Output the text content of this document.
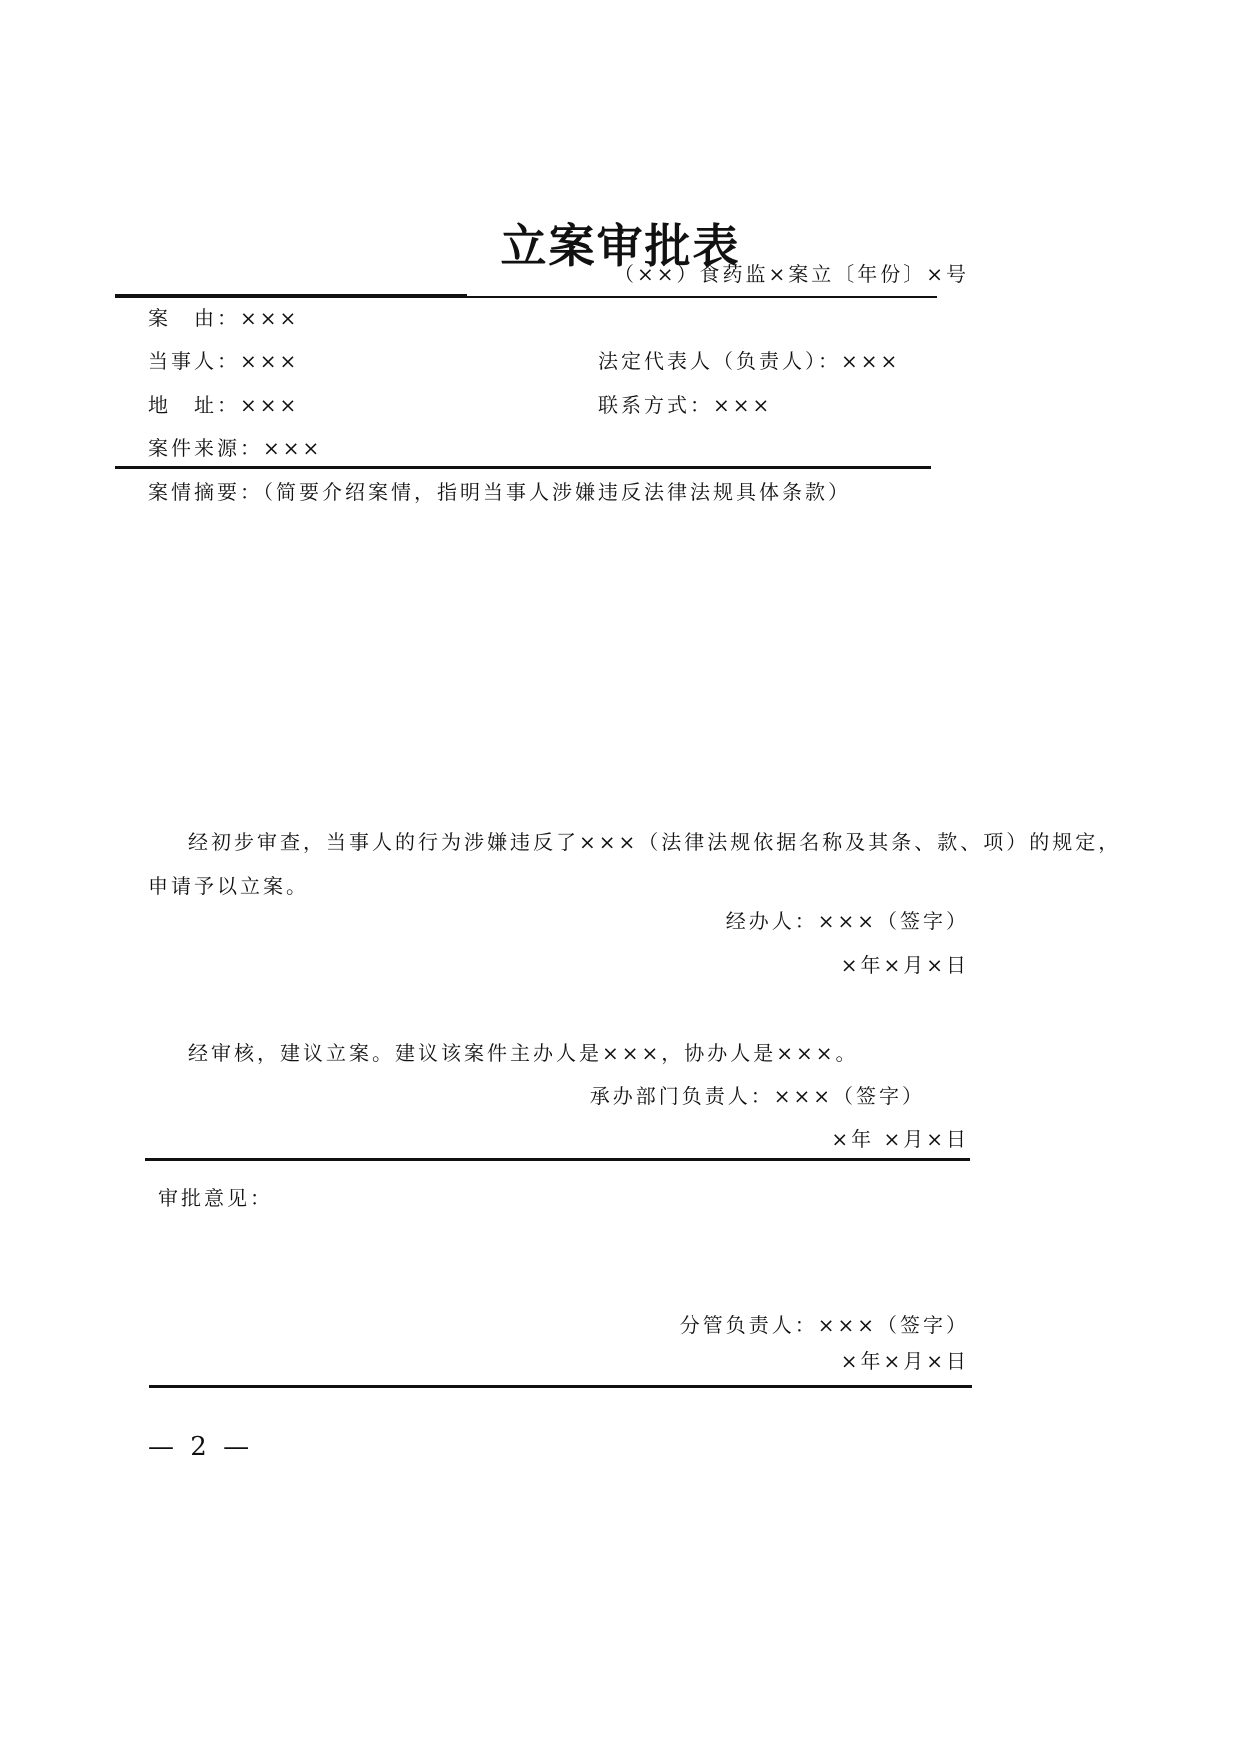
立案审批表
（××）食药监×案立〔年份〕×号
案　由：×××
当事人：×××	法定代表人（负责人）：×××
地　址：×××	联系方式：×××
案件来源：×××
案情摘要：（简要介绍案情，指明当事人涉嫌违反法律法规具体条款）
经初步审查，当事人的行为涉嫌违反了×××（法律法规依据名称及其条、款、项）的规定，
申请予以立案。
经办人：×××（签字）
×年×月×日
经审核，建议立案。建议该案件主办人是×××，协办人是×××。
承办部门负责人：×××（签字）
×年 ×月×日
审批意见：
分管负责人：×××（签字）
×年×月×日
— 2 —
